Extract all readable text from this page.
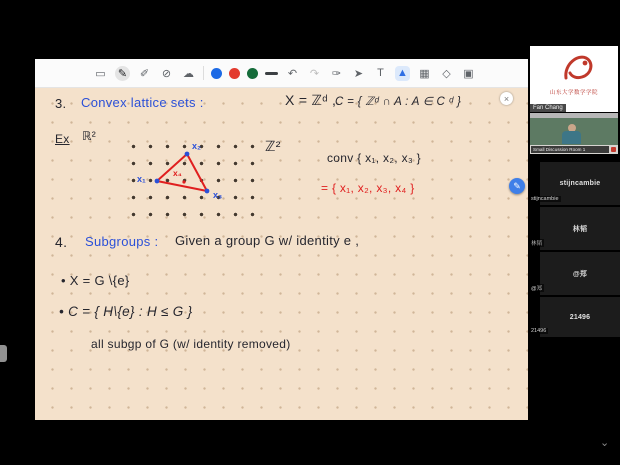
▭ ✎ ✐ ⊘ ☁	↶ ↷ ✑ ➤	T	▲ ▦ ◇ ▣
3. Convex lattice sets :	X = ℤᵈ ,
C = { ℤᵈ ∩ A : A ∈ C ᵈ }
Ex ℝ²
x₂
x₁
x₃
x₄
ℤ²
conv { x₁, x₂, x₃ }
= { x₁, x₂, x₃, x₄ }
4. Subgroups : Given a group G w/ identity e ,
• X = G \{e}
• C = { H\{e} : H ≤ G }
all subgp of G (w/ identity removed)
×
✎
山东大学数学学院
Fan Chang
Small Discussion Room 1
stijncambie
stijncambie
林韬
林韬
@郑
@郑
21496
21496
⌄
